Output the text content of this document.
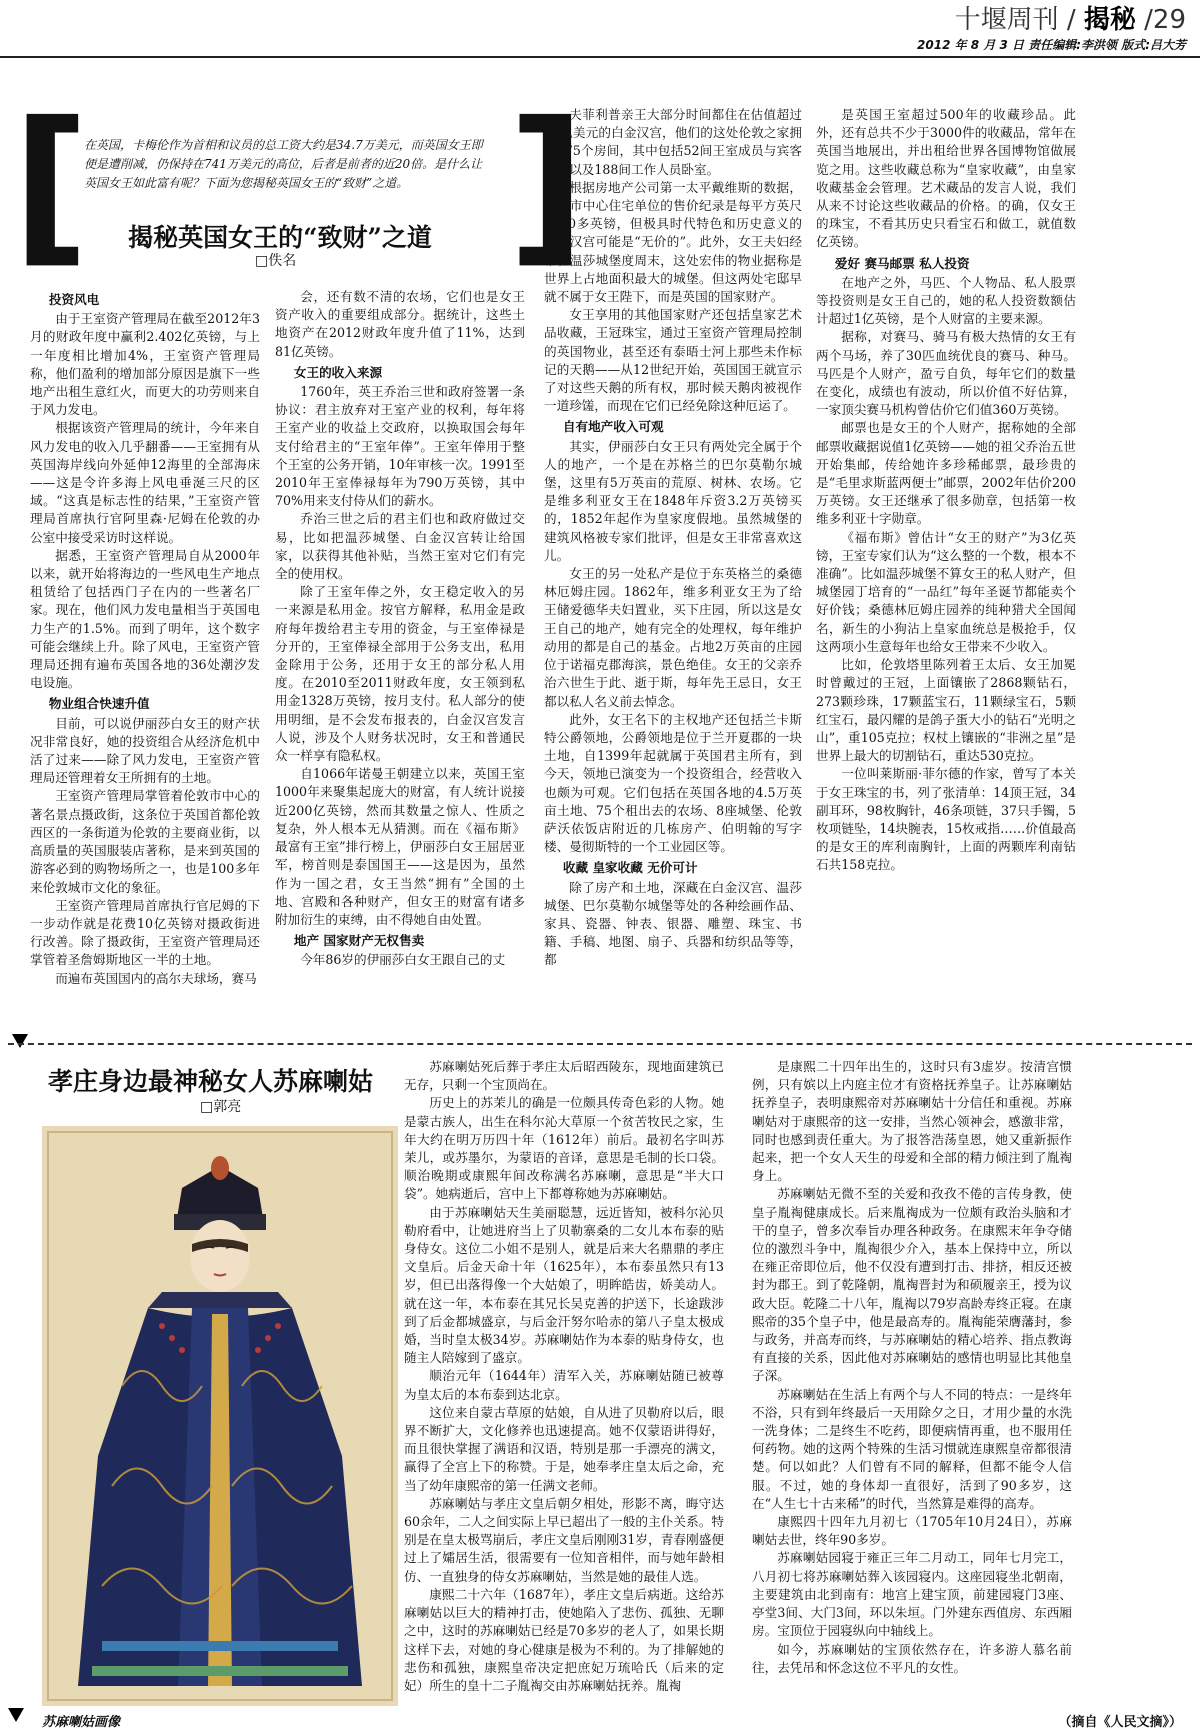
十堰周刊 / 揭秘 /29
2012 年 8 月 3 日 责任编辑:李洪领 版式:吕大芳
[
在英国，卡梅伦作为首相和议员的总工资大约是34.7万美元，而英国女王即便是遭削减，仍保持在741万美元的高位，后者是前者的近20倍。是什么让英国女王如此富有呢？下面为您揭秘英国女王的“致财”之道。 ]
揭秘英国女王的“致财”之道
□佚名
投资风电

由于王室资产管理局在截至2012年3月的财政年度中赢利2.402亿英镑，与上一年度相比增加4%，王室资产管理局称，他们盈利的增加部分原因是旗下一些地产出租生意红火，而更大的功劳则来自于风力发电。

根据该资产管理局的统计，今年来自风力发电的收入几乎翻番——王室拥有从英国海岸线向外延伸12海里的全部海床——这是令许多海上风电垂涎三尺的区域。“这真是标志性的结果，”王室资产管理局首席执行官阿里森·尼姆在伦敦的办公室中接受采访时这样说。

据悉，王室资产管理局自从2000年以来，就开始将海边的一些风电生产地点租赁给了包括西门子在内的一些著名厂家。现在，他们风力发电量相当于英国电力生产的1.5%。而到了明年，这个数字可能会继续上升。除了风电，王室资产管理局还拥有遍布英国各地的36处潮汐发电设施。

物业组合快速升值

目前，可以说伊丽莎白女王的财产状况非常良好，她的投资组合从经济危机中活了过来——除了风力发电，王室资产管理局还管理着女王所拥有的土地。

王室资产管理局掌管着伦敦市中心的著名景点摄政街，这条位于英国首都伦敦西区的一条街道为伦敦的主要商业街，以高质量的英国服装店著称，是来到英国的游客必到的购物场所之一，也是100多年来伦敦城市文化的象征。

王室资产管理局首席执行官尼姆的下一步动作就是花费10亿英镑对摄政街进行改善。除了摄政街，王室资产管理局还掌管着圣詹姆斯地区一半的土地。

而遍布英国国内的高尔夫球场，赛马

会，还有数不清的农场，它们也是女王资产收入的重要组成部分。据统计，这些土地资产在2012财政年度升值了11%，达到81亿英镑。

女王的收入来源

1760年，英王乔治三世和政府签署一条协议：君主放弃对王室产业的权利，每年将王室产业的收益上交政府，以换取国会每年支付给君主的“王室年俸”。王室年俸用于整个王室的公务开销，10年审核一次。1991至2010年王室俸禄每年为790万英镑，其中70%用来支付侍从们的薪水。

乔治三世之后的君主们也和政府做过交易，比如把温莎城堡、白金汉宫转让给国家，以获得其他补贴，当然王室对它们有完全的使用权。

除了王室年俸之外，女王稳定收入的另一来源是私用金。按官方解释，私用金是政府每年拨给君主专用的资金，与王室俸禄是分开的，王室俸禄全部用于公务支出，私用金除用于公务，还用于女王的部分私人用度。在2010至2011财政年度，女王领到私用金1328万英镑，按月支付。私人部分的使用明细，是不会发布报表的，白金汉宫发言人说，涉及个人财务状况时，女王和普通民众一样享有隐私权。

自1066年诺曼王朝建立以来，英国王室1000年来聚集起庞大的财富，有人统计说接近200亿英镑，然而其数量之惊人、性质之复杂，外人根本无从猜测。而在《福布斯》最富有王室”排行榜上，伊丽莎白女王屈居亚军，榜首则是泰国国王——这是因为，虽然作为一国之君，女王当然“拥有”全国的土地、宫殿和各种财产，但女王的财富有诸多附加衍生的束缚，由不得她自由处置。

地产 国家财产无权售卖

今年86岁的伊丽莎白女王跟自己的丈

夫菲利普亲王大部分时间都住在估值超过50亿美元的白金汉宫，他们的这处伦敦之家拥有775个房间，其中包括52间王室成员与宾客卧室以及188间工作人员卧室。

根据房地产公司第一太平戴维斯的数据，伦敦市中心住宅单位的售价纪录是每平方英尺7000多英镑，但极具时代特色和历史意义的白金汉宫可能是“无价的”。此外，女王夫妇经常在温莎城堡度周末，这处宏伟的物业据称是世界上占地面积最大的城堡。但这两处宅邸早就不属于女王陛下，而是英国的国家财产。

女王享用的其他国家财产还包括皇家艺术品收藏，王冠珠宝，通过王室资产管理局控制的英国物业，甚至还有泰晤士河上那些未作标记的天鹅——从12世纪开始，英国国王就宣示了对这些天鹅的所有权，那时候天鹅肉被视作一道珍馐，而现在它们已经免除这种厄运了。

自有地产收入可观

其实，伊丽莎白女王只有两处完全属于个人的地产，一个是在苏格兰的巴尔莫勒尔城堡，这里有5万英亩的荒原、树林、农场。它是维多利亚女王在1848年斥资3.2万英镑买的，1852年起作为皇家度假地。虽然城堡的建筑风格被专家们批评，但是女王非常喜欢这儿。

女王的另一处私产是位于东英格兰的桑德林厄姆庄园。1862年，维多利亚女王为了给王储爱德华夫妇置业，买下庄园，所以这是女王自己的地产，她有完全的处理权，每年维护动用的都是自己的基金。占地2万英亩的庄园位于诺福克郡海滨，景色绝佳。女王的父亲乔治六世生于此、逝于斯，每年先王忌日，女王都以私人名义前去悼念。

此外，女王名下的主权地产还包括兰卡斯特公爵领地，公爵领地是位于兰开夏郡的一块土地，自1399年起就属于英国君主所有，到今天，领地已演变为一个投资组合，经营收入也颇为可观。它们包括在英国各地的4.5万英亩土地、75个租出去的农场、8座城堡、伦敦萨沃依饭店附近的几栋房产、伯明翰的写字楼、曼彻斯特的一个工业园区等。

收藏 皇家收藏 无价可计

除了房产和土地，深藏在白金汉宫、温莎城堡、巴尔莫勒尔城堡等处的各种绘画作品、家具、瓷器、钟表、银器、雕塑、珠宝、书籍、手稿、地图、扇子、兵器和纺织品等等，都

是英国王室超过500年的收藏珍品。此外，还有总共不少于3000件的收藏品，常年在英国当地展出，并出租给世界各国博物馆做展览之用。这些收藏总称为“皇家收藏”，由皇家收藏基金会管理。艺术藏品的发言人说，我们从来不讨论这些收藏品的价格。的确，仅女王的珠宝，不看其历史只看宝石和做工，就值数亿英镑。

爱好 赛马邮票 私人投资

在地产之外，马匹、个人物品、私人股票等投资则是女王自己的，她的私人投资数额估计超过1亿英镑，是个人财富的主要来源。

据称，对赛马、骑马有极大热情的女王有两个马场，养了30匹血统优良的赛马、种马。马匹是个人财产，盈亏自负，每年它们的数量在变化，成绩也有波动，所以价值不好估算，一家顶尖赛马机构曾估价它们值360万英镑。

邮票也是女王的个人财产，据称她的全部邮票收藏据说值1亿英镑——她的祖父乔治五世开始集邮，传给她许多珍稀邮票，最珍贵的是“毛里求斯蓝两便士”邮票，2002年估价200万英镑。女王还继承了很多勋章，包括第一枚维多利亚十字勋章。

《福布斯》曾估计“女王的财产”为3亿英镑，王室专家们认为“这么整的一个数，根本不准确”。比如温莎城堡不算女王的私人财产，但城堡园丁培育的“一品红”每年圣诞节都能卖个好价钱；桑德林厄姆庄园养的纯种猎犬全国闻名，新生的小狗沾上皇家血统总是极抢手，仅这两项小生意每年也给女王带来不少收入。

比如，伦敦塔里陈列着王太后、女王加冕时曾戴过的王冠，上面镶嵌了2868颗钻石，273颗珍珠，17颗蓝宝石，11颗绿宝石，5颗红宝石，最闪耀的是鸽子蛋大小的钻石“光明之山”，重105克拉；权杖上镶嵌的“非洲之星”是世界上最大的切割钻石，重达530克拉。

一位叫莱斯丽·菲尔德的作家，曾写了本关于女王珠宝的书，列了张清单：14顶王冠，34副耳环，98枚胸针，46条项链，37只手镯，5枚项链坠，14块腕表，15枚戒指……价值最高的是女王的库利南胸针，上面的两颗库利南钻石共158克拉。

孝庄身边最神秘女人苏麻喇姑
□郭亮
苏麻喇姑画像

苏麻喇姑死后葬于孝庄太后昭西陵东，现地面建筑已无存，只剩一个宝顶尚在。

历史上的苏茉儿的确是一位颇具传奇色彩的人物。她是蒙古族人，出生在科尔沁大草原一个贫苦牧民之家，生年大约在明万历四十年（1612年）前后。最初名字叫苏茉儿，或苏墨尔，为蒙语的音译，意思是毛制的长口袋。顺治晚期或康熙年间改称满名苏麻喇，意思是“半大口袋”。她病逝后，宫中上下都尊称她为苏麻喇姑。

由于苏麻喇姑天生美丽聪慧，远近皆知，被科尔沁贝勒府看中，让她进府当上了贝勒寨桑的二女儿本布泰的贴身侍女。这位二小姐不是别人，就是后来大名鼎鼎的孝庄文皇后。后金天命十年（1625年），本布泰虽然只有13岁，但已出落得像一个大姑娘了，明眸皓齿，娇美动人。就在这一年，本布泰在其兄长吴克善的护送下，长途跋涉到了后金都城盛京，与后金汗努尔哈赤的第八子皇太极成婚，当时皇太极34岁。苏麻喇姑作为本泰的贴身侍女，也随主人陪嫁到了盛京。

顺治元年（1644年）清军入关，苏麻喇姑随已被尊为皇太后的本布泰到达北京。

这位来自蒙古草原的姑娘，自从进了贝勒府以后，眼界不断扩大，文化修养也迅速提高。她不仅蒙语讲得好，而且很快掌握了满语和汉语，特别是那一手漂亮的满文，赢得了全宫上下的称赞。于是，她奉孝庄皇太后之命，充当了幼年康熙帝的第一任满文老师。

苏麻喇姑与孝庄文皇后朝夕相处，形影不离，晦守达60余年，二人之间实际上早已超出了一般的主仆关系。特别是在皇太极骂崩后，孝庄文皇后刚刚31岁，青春刚盛便过上了孀居生活，很需要有一位知音相伴，而与她年龄相仿、一直独身的侍女苏麻喇姑，当然是她的最佳人选。

康熙二十六年（1687年），孝庄文皇后病逝。这给苏麻喇姑以巨大的精神打击，使她陷入了悲伤、孤独、无聊之中，这时的苏麻喇姑已经是70多岁的老人了，如果长期这样下去，对她的身心健康是极为不利的。为了排解她的悲伤和孤独，康熙皇帝决定把庶妃万琉哈氏（后来的定妃）所生的皇十二子胤祹交由苏麻喇姑抚养。胤祹

是康熙二十四年出生的，这时只有3虚岁。按清宫惯例，只有嫔以上内庭主位才有资格抚养皇子。让苏麻喇姑抚养皇子，表明康熙帝对苏麻喇姑十分信任和重视。苏麻喇姑对于康熙帝的这一安排，当然心领神会，感激非常，同时也感到责任重大。为了报答浩荡皇恩，她又重新振作起来，把一个女人天生的母爱和全部的精力倾注到了胤祹身上。

苏麻喇姑无微不至的关爱和孜孜不倦的言传身教，使皇子胤祹健康成长。后来胤祹成为一位颇有政治头脑和才干的皇子，曾多次奉旨办理各种政务。在康熙末年争夺储位的激烈斗争中，胤祹很少介入，基本上保持中立，所以在雍正帝即位后，他不仅没有遭到打击、排挤，相反还被封为郡王。到了乾隆朝，胤祹晋封为和硕履亲王，授为议政大臣。乾隆二十八年，胤祹以79岁高龄寿终正寝。在康熙帝的35个皇子中，他是最高寿的。胤祹能荣膺藩封，参与政务，并高寿而终，与苏麻喇姑的精心培养、指点教诲有直接的关系，因此他对苏麻喇姑的感情也明显比其他皇子深。

苏麻喇姑在生活上有两个与人不同的特点：一是终年不浴，只有到年终最后一天用除夕之日，才用少量的水洗一洗身体；二是终生不吃药，即便病情再重，也不服用任何药物。她的这两个特殊的生活习惯就连康熙皇帝都很清楚。何以如此？人们曾有不同的解释，但都不能令人信服。不过，她的身体却一直很好，活到了90多岁，这在“人生七十古来稀”的时代，当然算是难得的高寿。

康熙四十四年九月初七（1705年10月24日），苏麻喇姑去世，终年90多岁。

苏麻喇姑园寝于雍正三年二月动工，同年七月完工，八月初七将苏麻喇姑葬入该园寝内。这座园寝坐北朝南，主要建筑由北到南有：地宫上建宝顶，前建园寝门3座、亭堂3间、大门3间，环以朱垣。门外建东西值房、东西厢房。宝顶位于园寝纵向中轴线上。

如今，苏麻喇姑的宝顶依然存在，许多游人慕名前往，去凭吊和怀念这位不平凡的女性。

（摘自《人民文摘》）
